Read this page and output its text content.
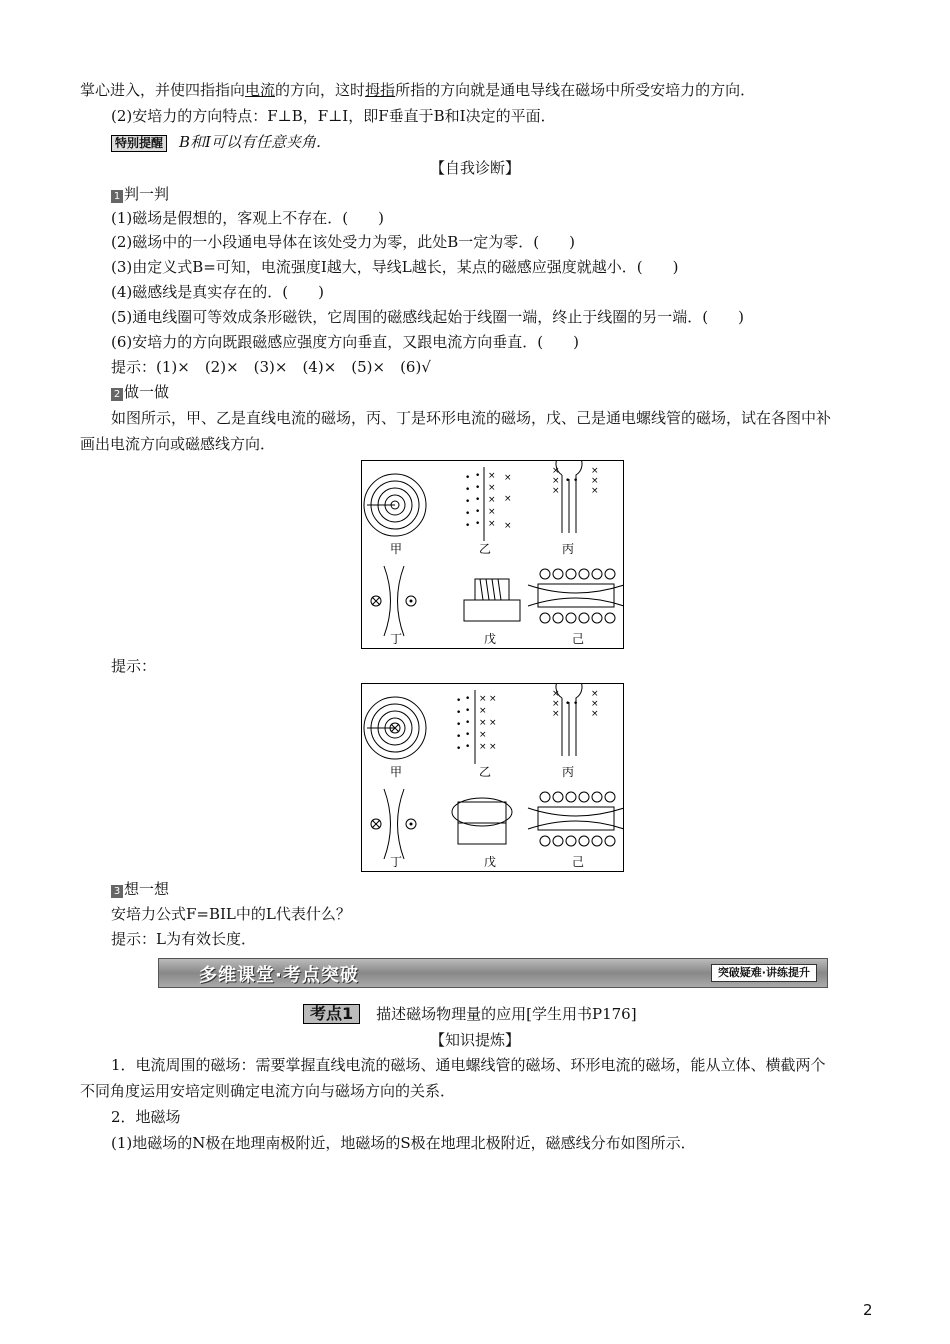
掌心进入，并使四指指向电流的方向，这时拇指所指的方向就是通电导线在磁场中所受安培力的方向．
(2)安培力的方向特点：F⊥B，F⊥I，即F垂直于B和I决定的平面．
特别提醒 B和I可以有任意夹角．
【自我诊断】
1 判一判
(1)磁场是假想的，客观上不存在．(　　)
(2)磁场中的一小段通电导体在该处受力为零，此处B一定为零．(　　)
(3)由定义式B=可知，电流强度I越大，导线L越长，某点的磁感应强度就越小．(　　)
(4)磁感线是真实存在的．(　　)
(5)通电线圈可等效成条形磁铁，它周围的磁感线起始于线圈一端，终止于线圈的另一端．(　　)
(6)安培力的方向既跟磁感应强度方向垂直，又跟电流方向垂直．(　　)
提示：(1)×　(2)×　(3)×　(4)×　(5)×　(6)√
2 做一做
如图所示，甲、乙是直线电流的磁场，丙、丁是环形电流的磁场，戊、己是通电螺线管的磁场，试在各图中补
画出电流方向或磁感线方向．
•
•
•
•
•
•
•
•
•
•
×
×
×
×
×
×
×
×
×
×
×
×
×
×
• •
甲	乙	丙
丁	戊	己
提示：
•
•
•
•
•
•
•
•
•
•
×
×
×
×
×
×
×
×
×
×
×
×
×
×
• •
甲	乙	丙
丁	戊	己
3 想一想
安培力公式F=BIL中的L代表什么？
提示：L为有效长度．
多维课堂·考点突破	突破疑难·讲练提升
考点1 描述磁场物理量的应用[学生用书P176]
【知识提炼】
1．电流周围的磁场：需要掌握直线电流的磁场、通电螺线管的磁场、环形电流的磁场，能从立体、横截两个
不同角度运用安培定则确定电流方向与磁场方向的关系．
2．地磁场
(1)地磁场的N极在地理南极附近，地磁场的S极在地理北极附近，磁感线分布如图所示．
2
